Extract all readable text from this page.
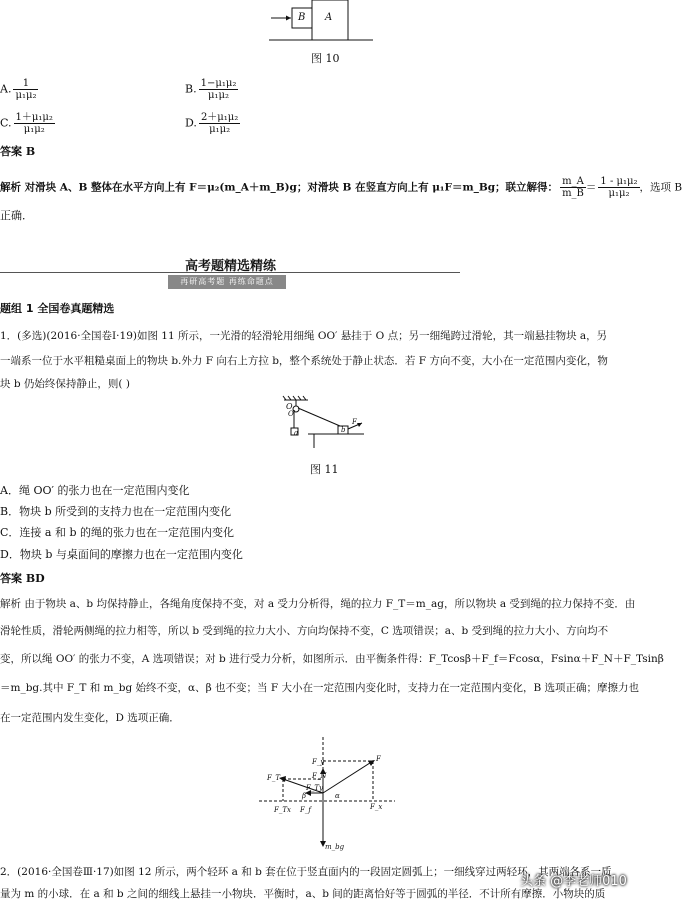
B A
图 10
A. $\frac{1}{\text{μ₁μ₂}}$	B. $\frac{\text{1−μ₁μ₂}}{\text{μ₁μ₂}}$
C. $\frac{\text{1＋μ₁μ₂}}{\text{μ₁μ₂}}$	D. $\frac{\text{2＋μ₁μ₂}}{\text{μ₁μ₂}}$
答案 B
解析 对滑块 A、B 整体在水平方向上有 F＝μ₂(m_A＋m_B)g；对滑块 B 在竖直方向上有 μ₁F＝m_Bg；联立解得： $\frac{m\_A}{m\_B} = \frac{\text{1 - μ₁μ₂}}{\text{μ₁μ₂}}$ ，选项 B
正确．
高考题精选精练
再研高考题 再练命题点
题组 1 全国卷真题精选
1．(多选)(2016·全国卷Ⅰ·19)如图 11 所示，一光滑的轻滑轮用细绳 OO′ 悬挂于 O 点；另一细绳跨过滑轮，其一端悬挂物块 a，另
一端系一位于水平粗糙桌面上的物块 b.外力 F 向右上方拉 b，整个系统处于静止状态．若 F 方向不变，大小在一定范围内变化，物
块 b 仍始终保持静止，则( )
O
O′
a	b
F
图 11
A．绳 OO′ 的张力也在一定范围内变化
B．物块 b 所受到的支持力也在一定范围内变化
C．连接 a 和 b 的绳的张力也在一定范围内变化
D．物块 b 与桌面间的摩擦力也在一定范围内变化
答案 BD
解析 由于物块 a、b 均保持静止，各绳角度保持不变，对 a 受力分析得，绳的拉力 F_T＝m_ag，所以物块 a 受到绳的拉力保持不变．由
滑轮性质，滑轮两侧绳的拉力相等，所以 b 受到绳的拉力大小、方向均保持不变，C 选项错误；a、b 受到绳的拉力大小、方向均不
变，所以绳 OO′ 的张力不变，A 选项错误；对 b 进行受力分析，如图所示．由平衡条件得：F_Tcosβ＋F_f＝Fcosα，Fsinα＋F_N＋F_Tsinβ
＝m_bg.其中 F_T 和 m_bg 始终不变，α、β 也不变；当 F 大小在一定范围内变化时，支持力在一定范围内变化，B 选项正确；摩擦力也
在一定范围内发生变化，D 选项正确．
F
F_y
F_N
F_T
F_Ty
β	α
F_Tx F_f	F_x
m_bg
2．(2016·全国卷Ⅲ·17)如图 12 所示，两个轻环 a 和 b 套在位于竖直面内的一段固定圆弧上；一细线穿过两轻环，其两端各系一质
量为 m 的小球．在 a 和 b 之间的细线上悬挂一小物块．平衡时，a、b 间的距离恰好等于圆弧的半径．不计所有摩擦．小物块的质
头条 @李老师010
